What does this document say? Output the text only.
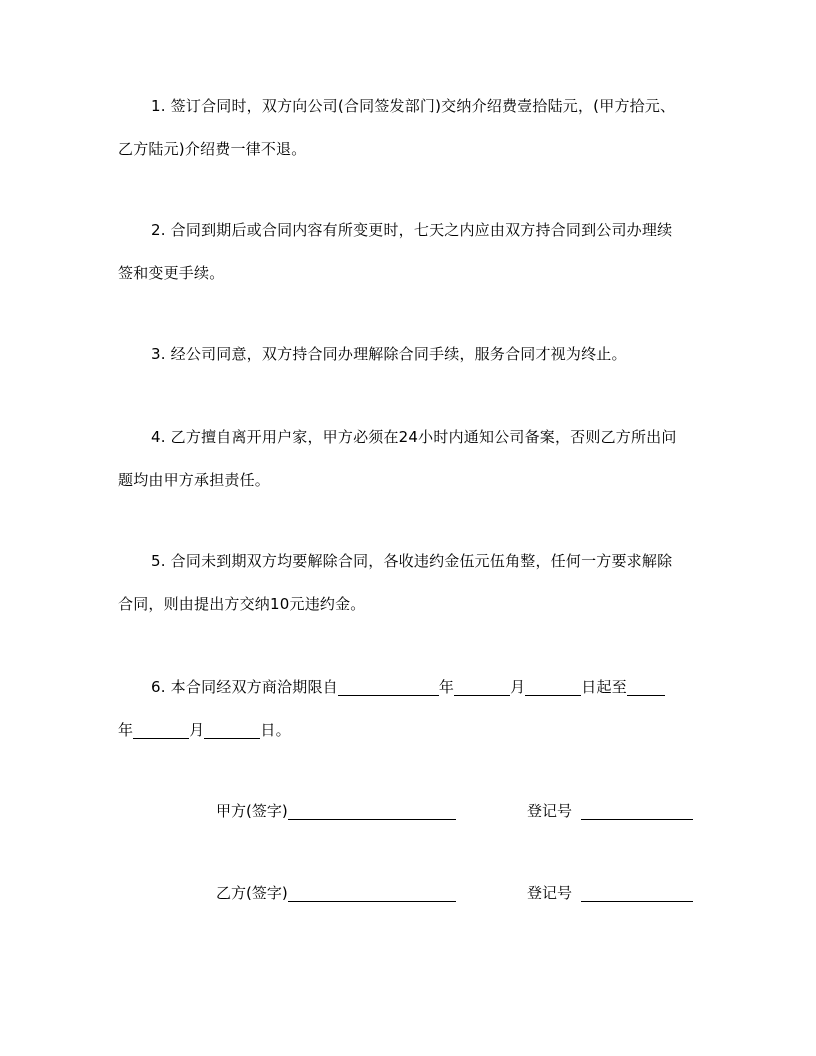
1. 签订合同时，双方向公司(合同签发部门)交纳介绍费壹拾陆元，(甲方拾元、
乙方陆元)介绍费一律不退。
2. 合同到期后或合同内容有所变更时，七天之内应由双方持合同到公司办理续
签和变更手续。
3. 经公司同意，双方持合同办理解除合同手续，服务合同才视为终止。
4. 乙方擅自离开用户家，甲方必须在24小时内通知公司备案，否则乙方所出问
题均由甲方承担责任。
5. 合同未到期双方均要解除合同，各收违约金伍元伍角整，任何一方要求解除
合同，则由提出方交纳10元违约金。
6. 本合同经双方商洽期限自	年	月	日起至
年	月	日。
甲方(签字)	登记号
乙方(签字)	登记号
